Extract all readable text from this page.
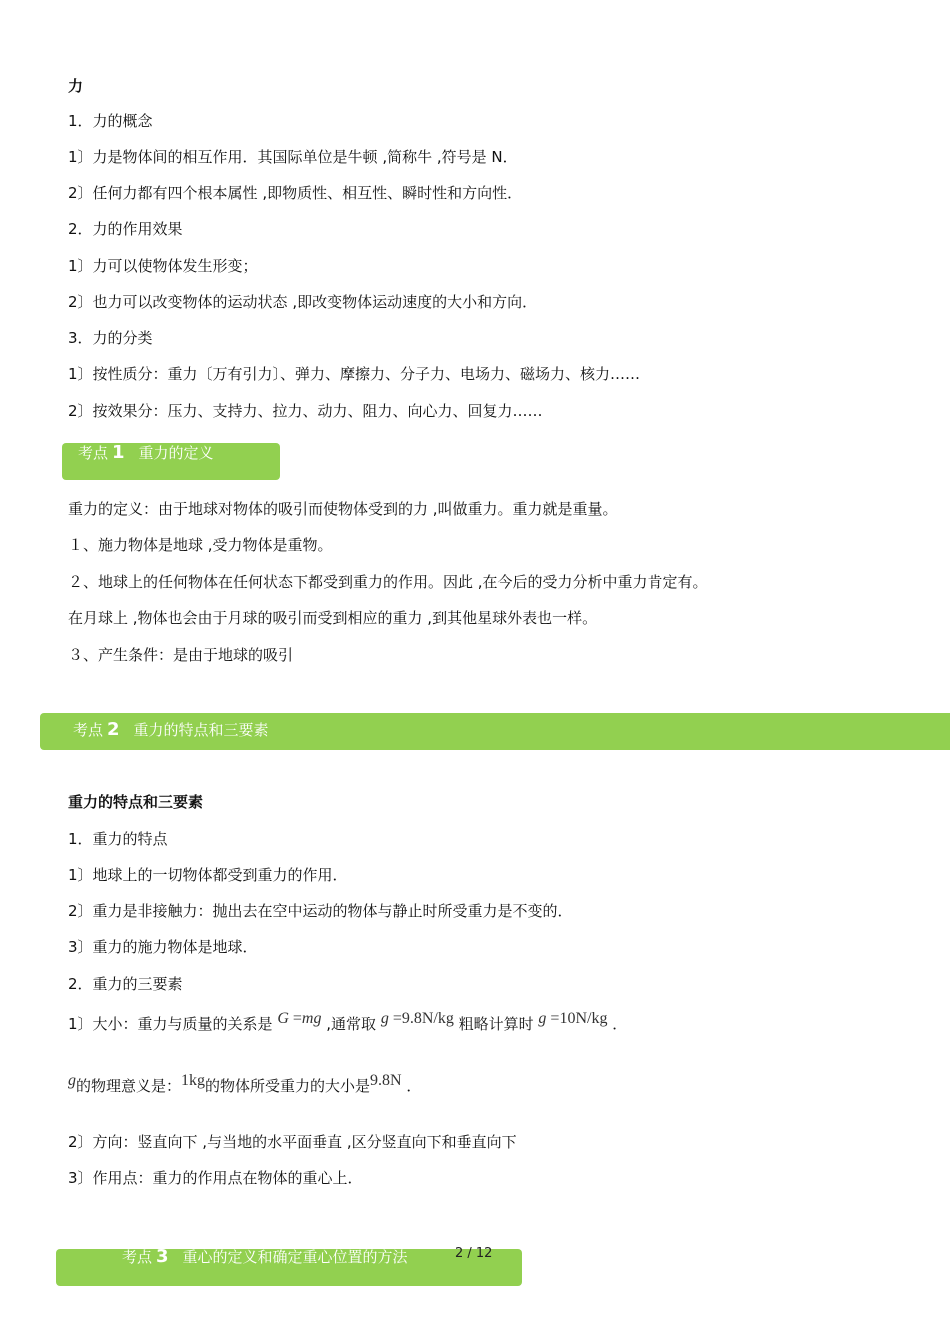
力
1．力的概念
1〕力是物体间的相互作用．其国际单位是牛顿 ,简称牛 ,符号是 N．
2〕任何力都有四个根本属性 ,即物质性、相互性、瞬时性和方向性．
2．力的作用效果
1〕力可以使物体发生形变；
2〕也力可以改变物体的运动状态 ,即改变物体运动速度的大小和方向．
3．力的分类
1〕按性质分：重力〔万有引力〕、弹力、摩擦力、分子力、电场力、磁场力、核力……
2〕按效果分：压力、支持力、拉力、动力、阻力、向心力、回复力……
考点 1 重力的定义
重力的定义：由于地球对物体的吸引而使物体受到的力 ,叫做重力。重力就是重量。
１、施力物体是地球 ,受力物体是重物。
２、地球上的任何物体在任何状态下都受到重力的作用。因此 ,在今后的受力分析中重力肯定有。
在月球上 ,物体也会由于月球的吸引而受到相应的重力 ,到其他星球外表也一样。
３、产生条件：是由于地球的吸引
考点 2 重力的特点和三要素
重力的特点和三要素
1．重力的特点
1〕地球上的一切物体都受到重力的作用．
2〕重力是非接触力：抛出去在空中运动的物体与静止时所受重力是不变的．
3〕重力的施力物体是地球．
2．重力的三要素
1〕大小：重力与质量的关系是 G =mg ,通常取 g =9.8N/kg 粗略计算时 g =10N/kg ．
g的物理意义是：1kg的物体所受重力的大小是9.8N ．
2〕方向：竖直向下 ,与当地的水平面垂直 ,区分竖直向下和垂直向下
3〕作用点：重力的作用点在物体的重心上．
考点 3 重心的定义和确定重心位置的方法	2 / 12
